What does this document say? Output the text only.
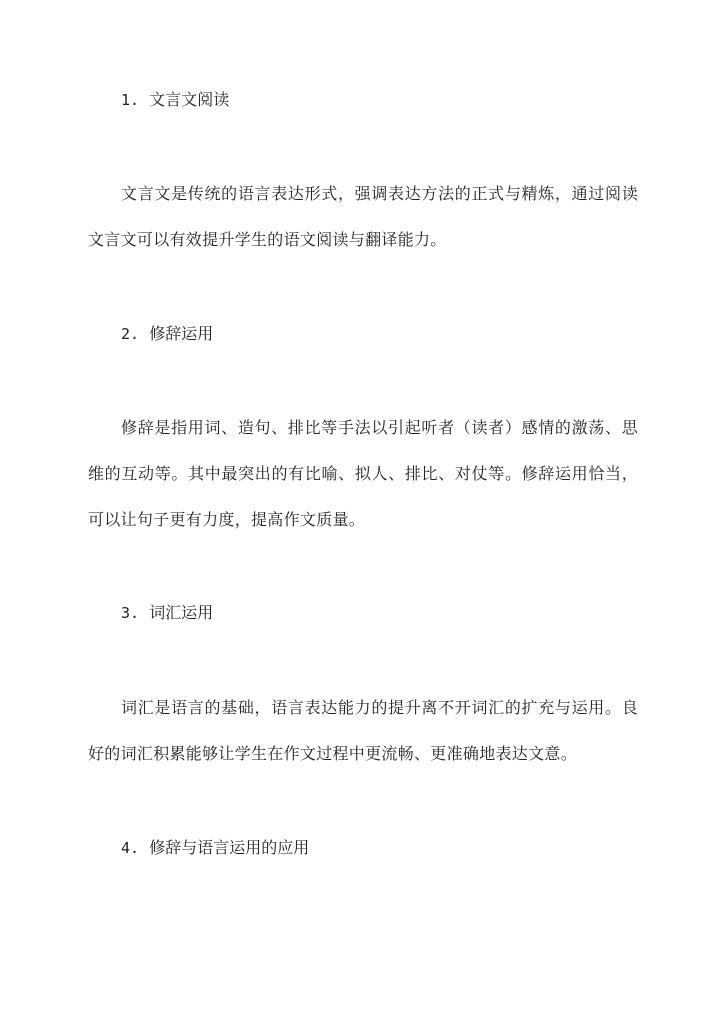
1. 文言文阅读
文言文是传统的语言表达形式，强调表达方法的正式与精炼，通过阅读文言文可以有效提升学生的语文阅读与翻译能力。
2. 修辞运用
修辞是指用词、造句、排比等手法以引起听者（读者）感情的激荡、思维的互动等。其中最突出的有比喻、拟人、排比、对仗等。修辞运用恰当，可以让句子更有力度，提高作文质量。
3. 词汇运用
词汇是语言的基础，语言表达能力的提升离不开词汇的扩充与运用。良好的词汇积累能够让学生在作文过程中更流畅、更准确地表达文意。
4. 修辞与语言运用的应用
